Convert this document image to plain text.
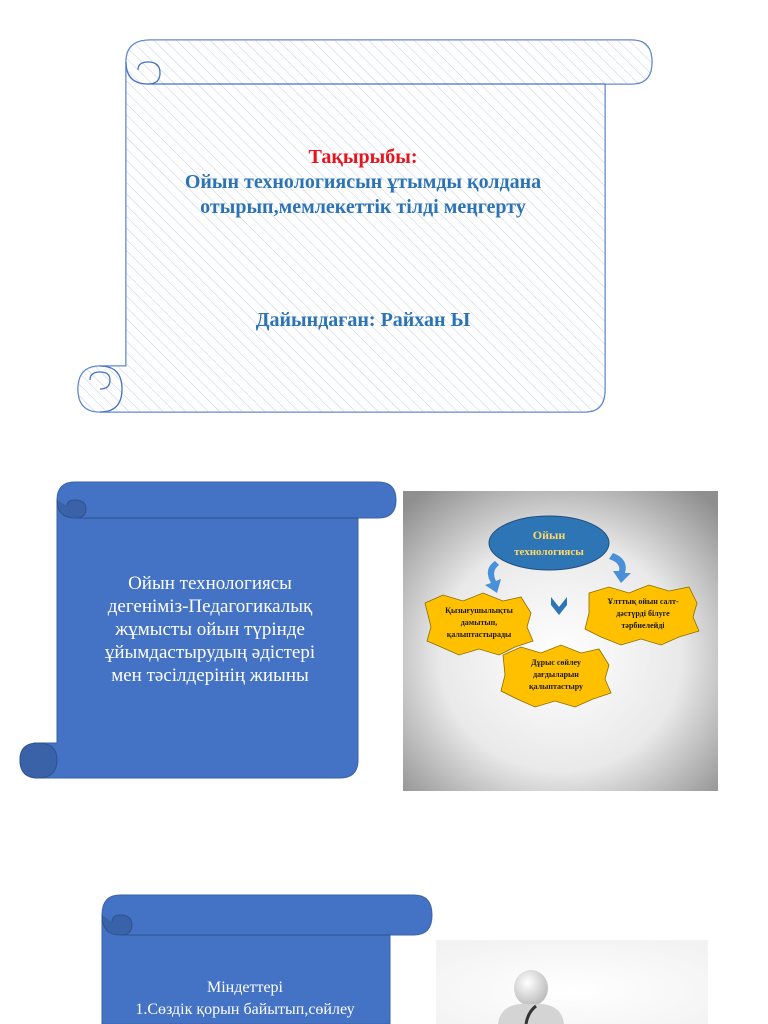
Тақырыбы:
Ойын технологиясын ұтымды қолдана
отырып,мемлекеттік тілді меңгерту
Дайындаған: Райхан Ы
Ойын технологиясы
дегеніміз-Педагогикалық
жұмысты ойын түрінде
ұйымдастырудың әдістері
мен тәсілдерінің жиыны
Ойын
технологиясы
Қызығушылықты
дамытып,
қалыптастырады
Ұлттық ойын салт-
дәстүрді білуге
тәрбиелейді
Дұрыс сөйлеу
дағдыларын
қалыптастыру
Міндеттері
1.Сөздік қорын байытып,сөйлеу
